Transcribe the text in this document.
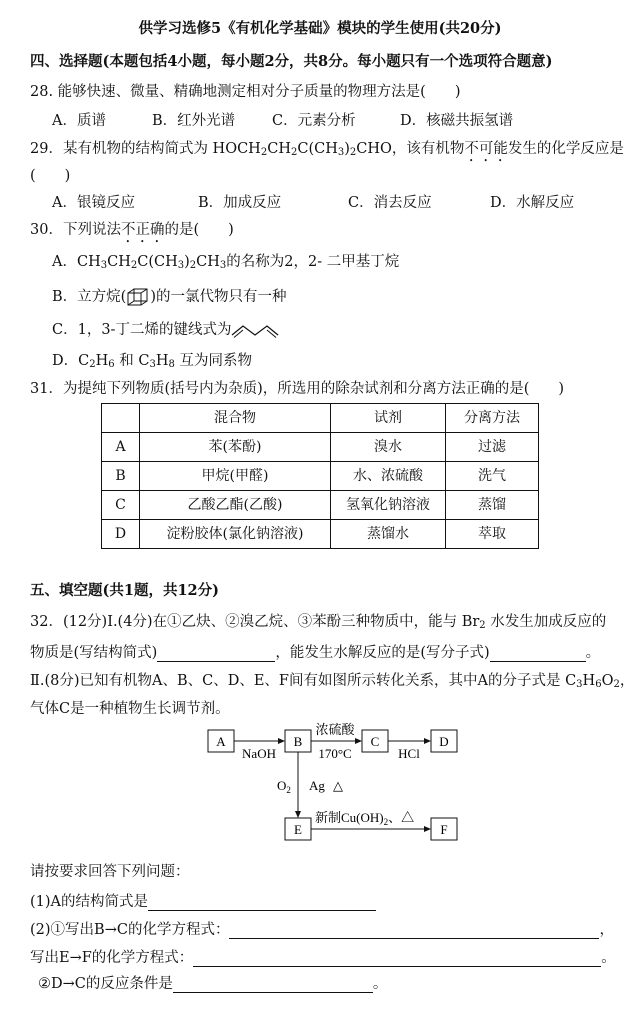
供学习选修5《有机化学基础》模块的学生使用(共20分)
四、选择题(本题包括4小题，每小题2分，共8分。每小题只有一个选项符合题意)
28. 能够快速、微量、精确地测定相对分子质量的物理方法是(　　)
A．质谱	B．红外光谱	C．元素分析	D．核磁共振氢谱
29．某有机物的结构简式为 $HOCH_2CH_2C(CH_3)_2CHO$，该有机物不可能发生的化学反应是
(　　)
A．银镜反应	B．加成反应	C．消去反应	D．水解反应
30．下列说法不正确的是(　　)
A．$CH_3CH_2C(CH_3)_2CH_3$的名称为2，2- 二甲基丁烷
B．立方烷( )的一氯代物只有一种
C．1，3-丁二烯的键线式为
D．$C_2H_6$ 和 $C_3H_8$ 互为同系物
31．为提纯下列物质(括号内为杂质)，所选用的除杂试剂和分离方法正确的是(　　)
	混合物	试剂	分离方法
A	苯(苯酚)	溴水	过滤
B	甲烷(甲醛)	水、浓硫酸	洗气
C	乙酸乙酯(乙酸)	氢氧化钠溶液	蒸馏
D	淀粉胶体(氯化钠溶液)	蒸馏水	萃取
五、填空题(共1题，共12分)
32．(12分)Ⅰ.(4分)在①乙炔、②溴乙烷、③苯酚三种物质中，能与 $Br_2$ 水发生加成反应的
物质是(写结构简式)	，能发生水解反应的是(写分子式)	。
Ⅱ.(8分)已知有机物A、B、C、D、E、F间有如图所示转化关系，其中A的分子式是 $C_3H_6O_2$，
气体C是一种植物生长调节剂。
A	B	C	D
E	F
NaOH
浓硫酸
170°C	HCl
$O_2$ Ag △
新制$Cu(OH)_2$、△
请按要求回答下列问题：
(1)A的结构简式是
(2)①写出B→C的化学方程式：	，
写出E→F的化学方程式：	。
②D→C的反应条件是	。
